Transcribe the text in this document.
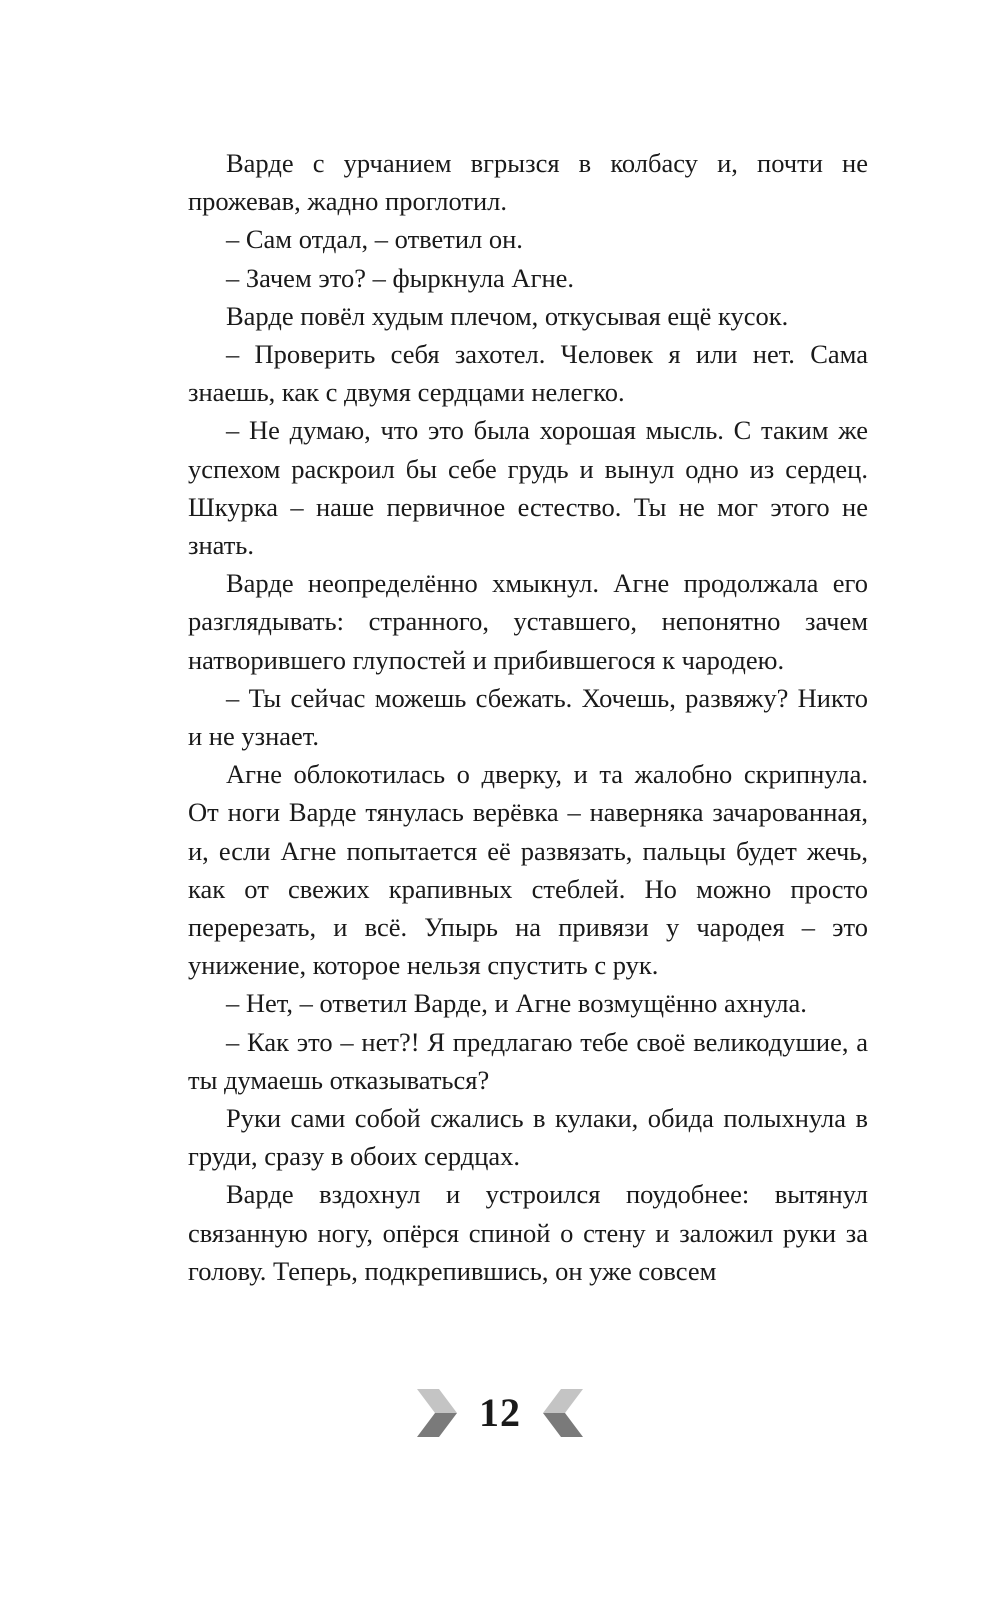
Варде с урчанием вгрызся в колбасу и, почти не прожевав, жадно проглотил.

– Сам отдал, – ответил он.

– Зачем это? – фыркнула Агне.

Варде повёл худым плечом, откусывая ещё кусок.

– Проверить себя захотел. Человек я или нет. Сама знаешь, как с двумя сердцами нелегко.

– Не думаю, что это была хорошая мысль. С таким же успехом раскроил бы себе грудь и вынул одно из сердец. Шкурка – наше первичное естество. Ты не мог этого не знать.

Варде неопределённо хмыкнул. Агне продолжала его разглядывать: странного, уставшего, непонятно зачем натворившего глупостей и прибившегося к чародею.

– Ты сейчас можешь сбежать. Хочешь, развяжу? Никто и не узнает.

Агне облокотилась о дверку, и та жалобно скрипнула. От ноги Варде тянулась верёвка – наверняка зачарованная, и, если Агне попытается её развязать, пальцы будет жечь, как от свежих крапивных стеблей. Но можно просто перерезать, и всё. Упырь на привязи у чародея – это унижение, которое нельзя спустить с рук.

– Нет, – ответил Варде, и Агне возмущённо ахнула.

– Как это – нет?! Я предлагаю тебе своё великодушие, а ты думаешь отказываться?

Руки сами собой сжались в кулаки, обида полыхнула в груди, сразу в обоих сердцах.

Варде вздохнул и устроился поудобнее: вытянул связанную ногу, опёрся спиной о стену и заложил руки за голову. Теперь, подкрепившись, он уже совсем

12
